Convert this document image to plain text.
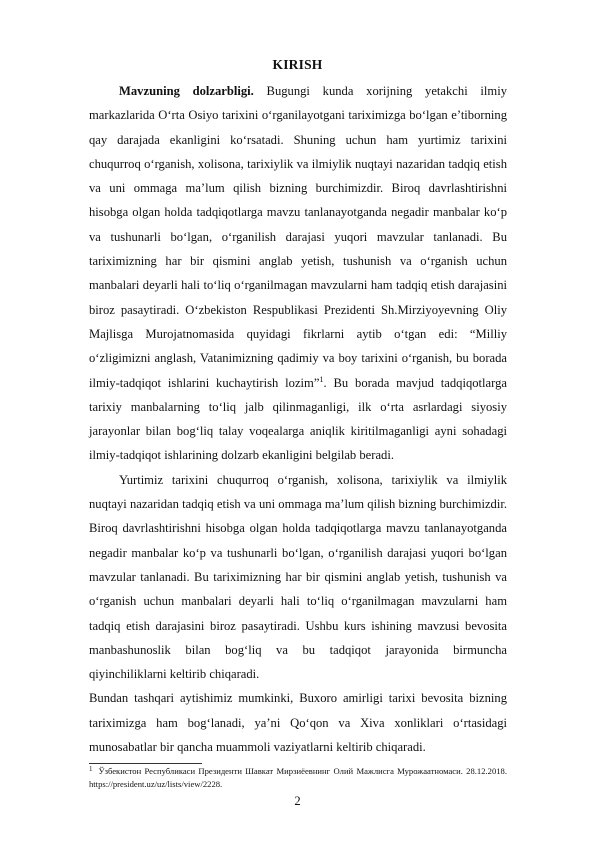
KIRISH

Mavzuning dolzarbligi. Bugungi kunda xorijning yetakchi ilmiy markazlarida O‘rta Osiyo tarixini o‘rganilayotgani tariximizga bo‘lgan e’tiborning qay darajada ekanligini ko‘rsatadi. Shuning uchun ham yurtimiz tarixini chuqurroq o‘rganish, xolisona, tarixiylik va ilmiylik nuqtayi nazaridan tadqiq etish va uni ommaga ma’lum qilish bizning burchimizdir. Biroq davrlashtirishni hisobga olgan holda tadqiqotlarga mavzu tanlanayotganda negadir manbalar ko‘p va tushunarli bo‘lgan, o‘rganilish darajasi yuqori mavzular tanlanadi. Bu tariximizning har bir qismini anglab yetish, tushunish va o‘rganish uchun manbalari deyarli hali to‘liq o‘rganilmagan mavzularni ham tadqiq etish darajasini biroz pasaytiradi. O‘zbekiston Respublikasi Prezidenti Sh.Mirziyoyevning Oliy Majlisga Murojatnomasida quyidagi fikrlarni aytib o‘tgan edi: “Milliy o‘zligimizni anglash, Vatanimizning qadimiy va boy tarixini o‘rganish, bu borada ilmiy-tadqiqot ishlarini kuchaytirish lozim”$^1$. Bu borada mavjud tadqiqotlarga tarixiy manbalarning to‘liq jalb qilinmaganligi, ilk o‘rta asrlardagi siyosiy jarayonlar bilan bog‘liq talay voqealarga aniqlik kiritilmaganligi ayni sohadagi ilmiy-tadqiqot ishlarining dolzarb ekanligini belgilab beradi.

Yurtimiz tarixini chuqurroq o‘rganish, xolisona, tarixiylik va ilmiylik nuqtayi nazaridan tadqiq etish va uni ommaga ma’lum qilish bizning burchimizdir. Biroq davrlashtirishni hisobga olgan holda tadqiqotlarga mavzu tanlanayotganda negadir manbalar ko‘p va tushunarli bo‘lgan, o‘rganilish darajasi yuqori bo‘lgan mavzular tanlanadi. Bu tariximizning har bir qismini anglab yetish, tushunish va o‘rganish uchun manbalari deyarli hali to‘liq o‘rganilmagan mavzularni ham tadqiq etish darajasini biroz pasaytiradi. Ushbu kurs ishining mavzusi bevosita manbashunoslik bilan bog‘liq va bu tadqiqot jarayonida birmuncha qiyinchiliklarni keltirib chiqaradi.

Bundan tashqari aytishimiz mumkinki, Buxoro amirligi tarixi bevosita bizning tariximizga ham bog‘lanadi, ya’ni Qo‘qon va Xiva xonliklari o‘rtasidagi munosabatlar bir qancha muammoli vaziyatlarni keltirib chiqaradi.

$^1$ Ўзбекистон Республикаси Президенти Шавкат Мирзиёевнинг Олий Мажлисга Мурожаатномаси. 28.12.2018. https://president.uz/uz/lists/view/2228.
2
